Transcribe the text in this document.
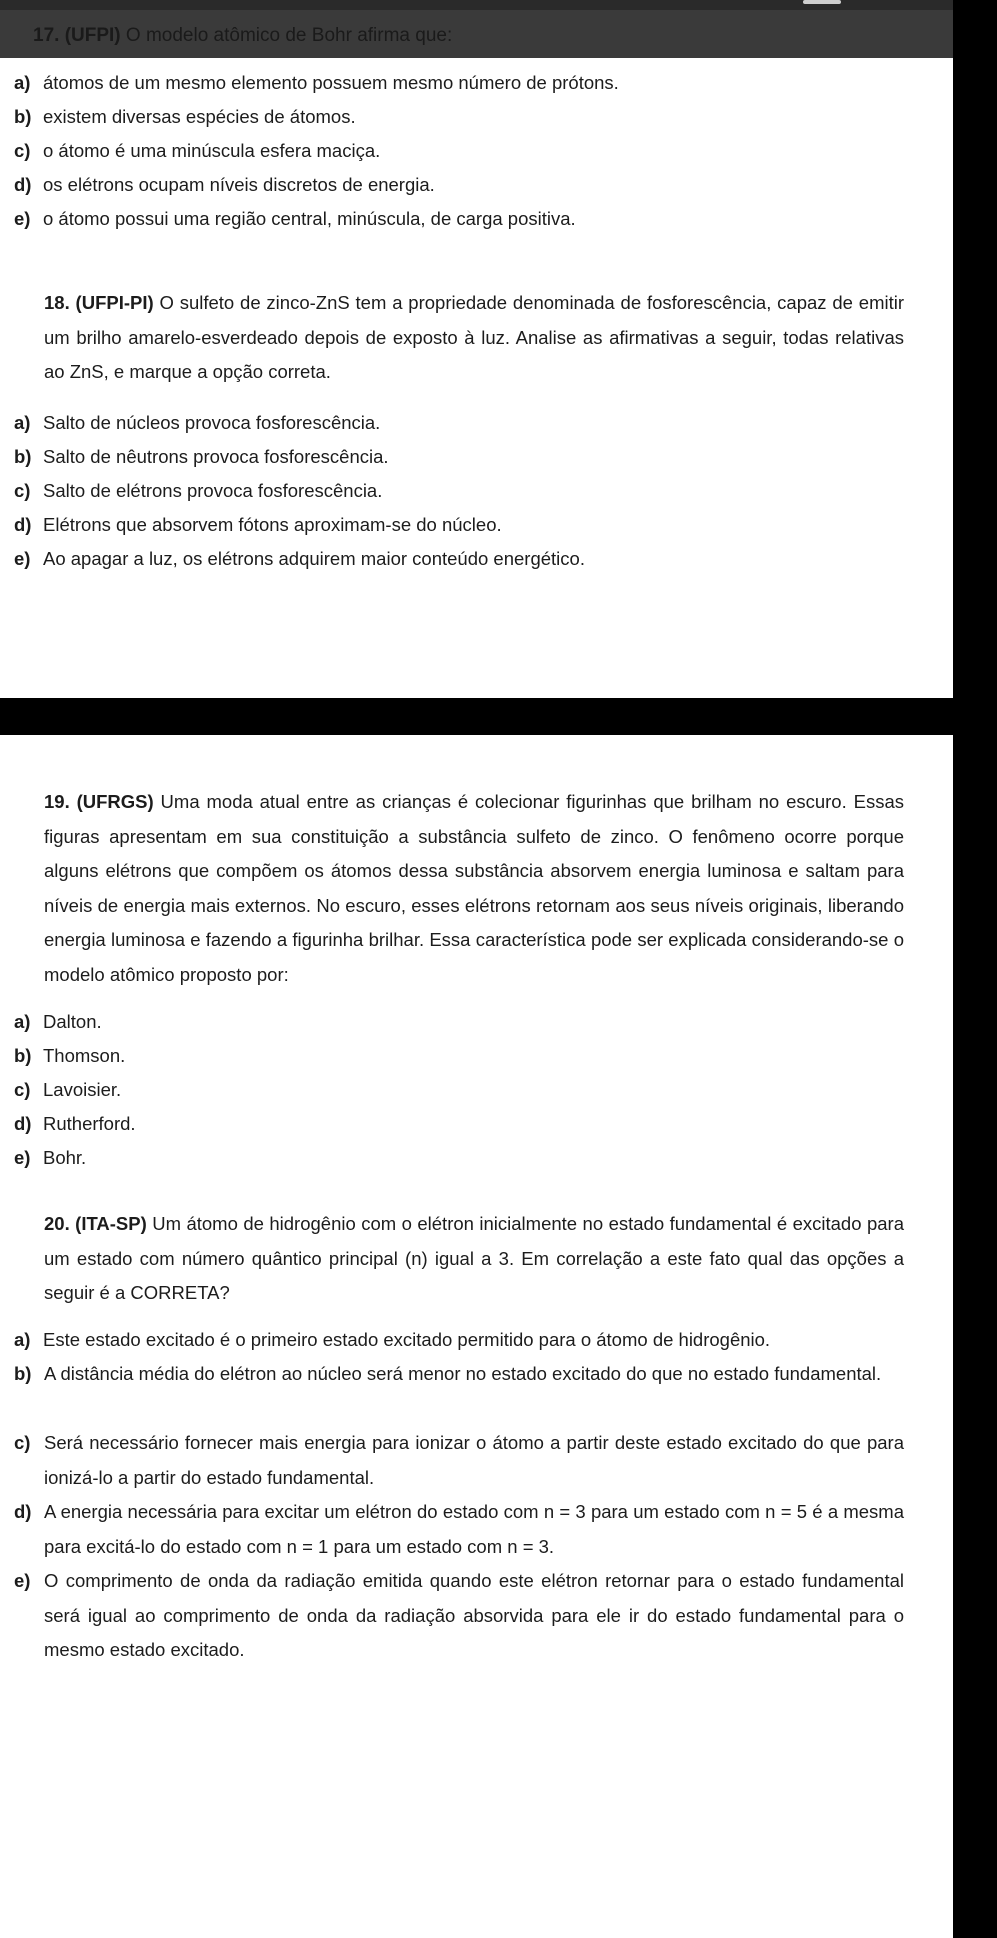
17. (UFPI) O modelo atômico de Bohr afirma que:
a) átomos de um mesmo elemento possuem mesmo número de prótons.
b) existem diversas espécies de átomos.
c) o átomo é uma minúscula esfera maciça.
d) os elétrons ocupam níveis discretos de energia.
e) o átomo possui uma região central, minúscula, de carga positiva.
18. (UFPI-PI) O sulfeto de zinco-ZnS tem a propriedade denominada de fosforescência, capaz de emitir um brilho amarelo-esverdeado depois de exposto à luz. Analise as afirmativas a seguir, todas relativas ao ZnS, e marque a opção correta.
a) Salto de núcleos provoca fosforescência.
b) Salto de nêutrons provoca fosforescência.
c) Salto de elétrons provoca fosforescência.
d) Elétrons que absorvem fótons aproximam-se do núcleo.
e) Ao apagar a luz, os elétrons adquirem maior conteúdo energético.
19. (UFRGS) Uma moda atual entre as crianças é colecionar figurinhas que brilham no escuro. Essas figuras apresentam em sua constituição a substância sulfeto de zinco. O fenômeno ocorre porque alguns elétrons que compõem os átomos dessa substância absorvem energia luminosa e saltam para níveis de energia mais externos. No escuro, esses elétrons retornam aos seus níveis originais, liberando energia luminosa e fazendo a figurinha brilhar. Essa característica pode ser explicada considerando-se o modelo atômico proposto por:
a) Dalton.
b) Thomson.
c) Lavoisier.
d) Rutherford.
e) Bohr.
20. (ITA-SP) Um átomo de hidrogênio com o elétron inicialmente no estado fundamental é excitado para um estado com número quântico principal (n) igual a 3. Em correlação a este fato qual das opções a seguir é a CORRETA?
a) Este estado excitado é o primeiro estado excitado permitido para o átomo de hidrogênio.
b) A distância média do elétron ao núcleo será menor no estado excitado do que no estado fundamental.
c) Será necessário fornecer mais energia para ionizar o átomo a partir deste estado excitado do que para ionizá-lo a partir do estado fundamental.
d) A energia necessária para excitar um elétron do estado com n = 3 para um estado com n = 5 é a mesma para excitá-lo do estado com n = 1 para um estado com n = 3.
e) O comprimento de onda da radiação emitida quando este elétron retornar para o estado fundamental será igual ao comprimento de onda da radiação absorvida para ele ir do estado fundamental para o mesmo estado excitado.
